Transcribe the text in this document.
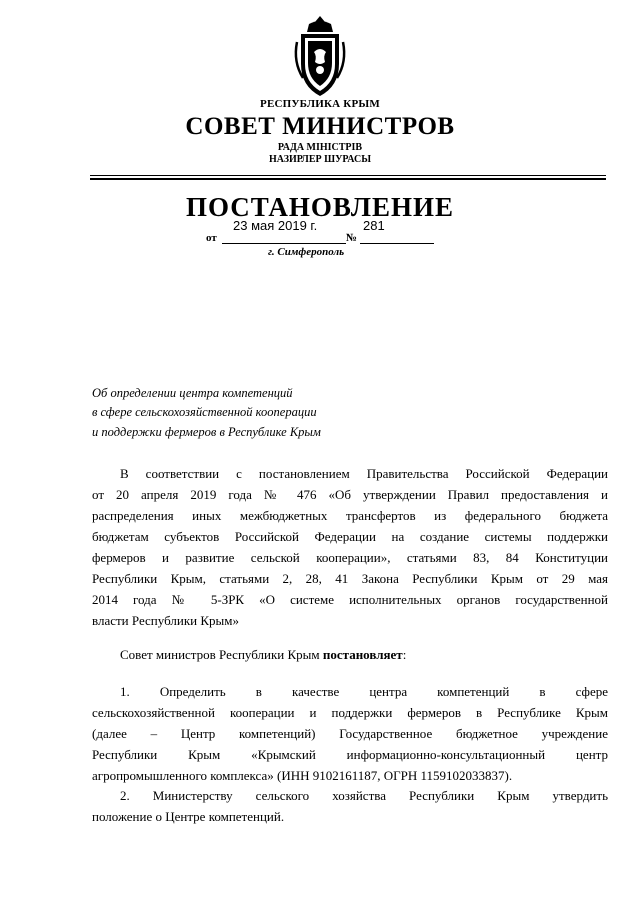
РЕСПУБЛИКА КРЫМ
СОВЕТ МИНИСТРОВ
РАДА МІНІСТРІВ
НАЗИРЛЕР ШУРАСЫ
ПОСТАНОВЛЕНИЕ
23 мая 2019 г.	281
от	№
г. Симферополь
Об определении центра компетенций
в сфере сельскохозяйственной кооперации
и поддержки фермеров в Республике Крым
В соответствии с постановлением Правительства Российской Федерации
от 20 апреля 2019 года № 476 «Об утверждении Правил предоставления и
распределения иных межбюджетных трансфертов из федерального бюджета
бюджетам субъектов Российской Федерации на создание системы поддержки
фермеров и развитие сельской кооперации», статьями 83, 84 Конституции
Республики Крым, статьями 2, 28, 41 Закона Республики Крым от 29 мая
2014 года № 5-ЗРК «О системе исполнительных органов государственной
власти Республики Крым»
Совет министров Республики Крым постановляет:
1. Определить в качестве центра компетенций в сфере
сельскохозяйственной кооперации и поддержки фермеров в Республике Крым
(далее – Центр компетенций) Государственное бюджетное учреждение
Республики Крым «Крымский информационно-консультационный центр
агропромышленного комплекса» (ИНН 9102161187, ОГРН 1159102033837).
2. Министерству сельского хозяйства Республики Крым утвердить
положение о Центре компетенций.
